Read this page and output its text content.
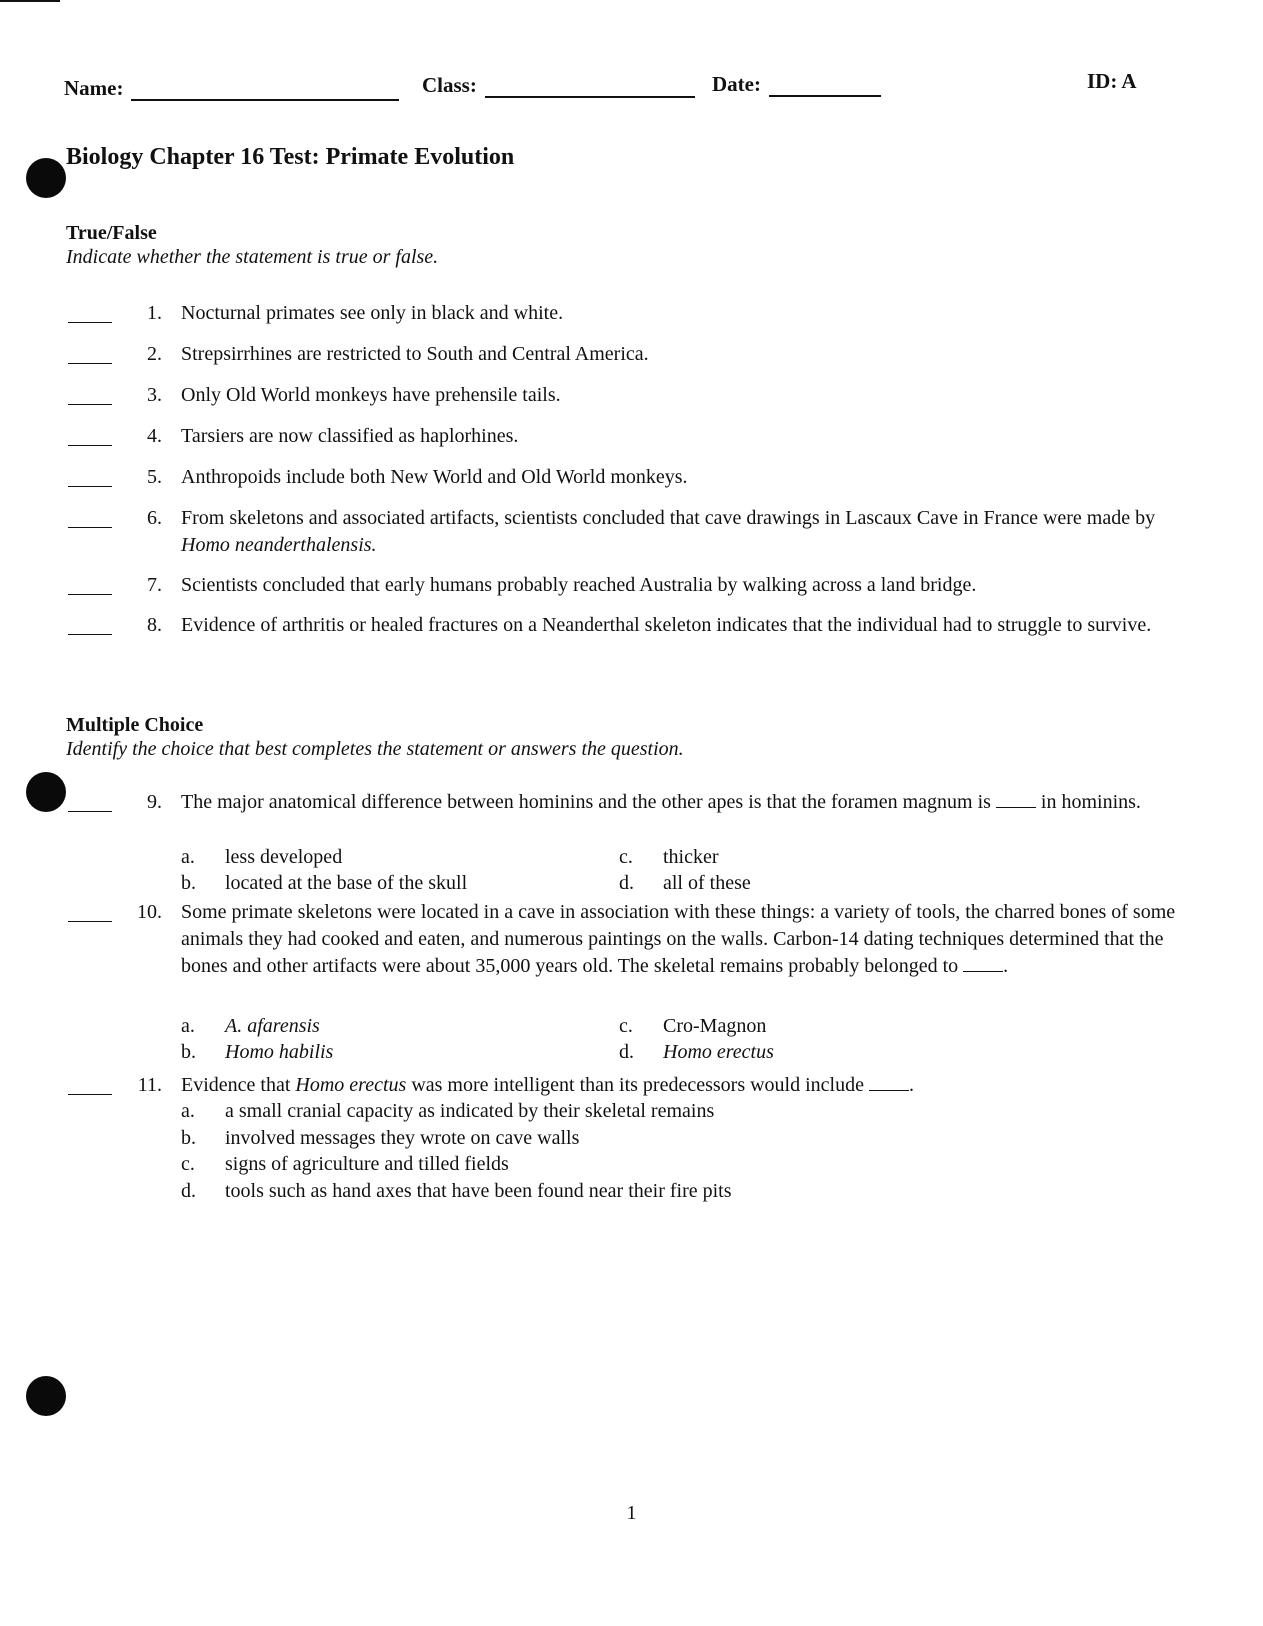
Name:	Class:	Date:	ID: A
Biology Chapter 16 Test: Primate Evolution
True/False
Indicate whether the statement is true or false.
1. Nocturnal primates see only in black and white.
2. Strepsirrhines are restricted to South and Central America.
3. Only Old World monkeys have prehensile tails.
4. Tarsiers are now classified as haplorhines.
5. Anthropoids include both New World and Old World monkeys.
6. From skeletons and associated artifacts, scientists concluded that cave drawings in Lascaux Cave in France were made by Homo neanderthalensis.
7. Scientists concluded that early humans probably reached Australia by walking across a land bridge.
8. Evidence of arthritis or healed fractures on a Neanderthal skeleton indicates that the individual had to struggle to survive.
Multiple Choice
Identify the choice that best completes the statement or answers the question.
9. The major anatomical difference between hominins and the other apes is that the foramen magnum is  in hominins.
a. less developed
b. located at the base of the skull
c. thicker
d. all of these
10. Some primate skeletons were located in a cave in association with these things: a variety of tools, the charred bones of some animals they had cooked and eaten, and numerous paintings on the walls. Carbon-14 dating techniques determined that the bones and other artifacts were about 35,000 years old. The skeletal remains probably belonged to .
a. A. afarensis
b. Homo habilis
c. Cro-Magnon
d. Homo erectus
11. Evidence that Homo erectus was more intelligent than its predecessors would include .
a. a small cranial capacity as indicated by their skeletal remains
b. involved messages they wrote on cave walls
c. signs of agriculture and tilled fields
d. tools such as hand axes that have been found near their fire pits
1
